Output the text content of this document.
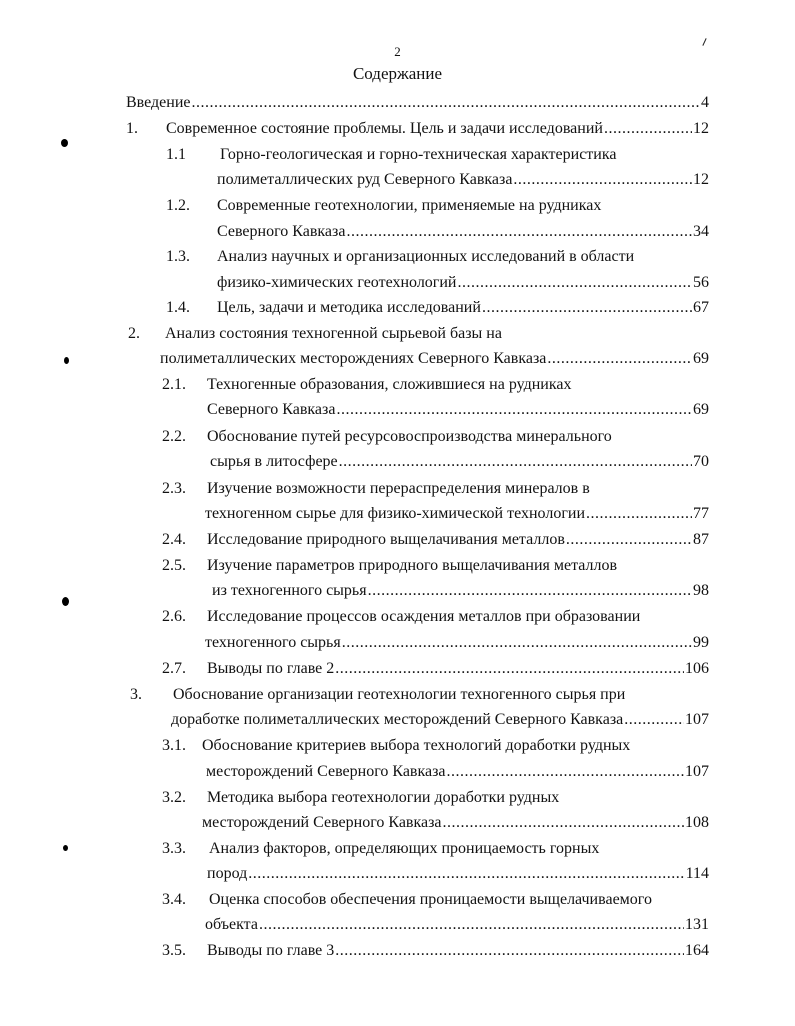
2
Содержание
Введение .....	4
1. Современное состояние проблемы. Цель и задачи исследований .....	12
1.1 Горно-геологическая и горно-техническая характеристика
полиметаллических руд Северного Кавказа .....	12
1.2. Современные геотехнологии, применяемые на рудниках
Северного Кавказа .....	34
1.3. Анализ научных и организационных исследований в области
физико-химических геотехнологий .....	56
1.4. Цель, задачи и методика исследований .....	67
2. Анализ состояния техногенной сырьевой базы на
полиметаллических месторождениях Северного Кавказа .....	69
2.1. Техногенные образования, сложившиеся на рудниках
Северного Кавказа .....	69
2.2. Обоснование путей ресурсовоспроизводства минерального
сырья в литосфере .....	70
2.3. Изучение возможности перераспределения минералов в
техногенном сырье для физико-химической технологии .....	77
2.4. Исследование природного выщелачивания металлов .....	87
2.5. Изучение параметров природного выщелачивания металлов
из техногенного сырья .....	98
2.6. Исследование процессов осаждения металлов при образовании
техногенного сырья .....	99
2.7. Выводы по главе 2 .....	106
3. Обоснование организации геотехнологии техногенного сырья при
доработке полиметаллических месторождений Северного Кавказа .....	107
3.1. Обоснование критериев выбора технологий доработки рудных
месторождений Северного Кавказа .....	107
3.2. Методика выбора геотехнологии доработки рудных
месторождений Северного Кавказа .....	108
3.3. Анализ факторов, определяющих проницаемость горных
пород .....	114
3.4. Оценка способов обеспечения проницаемости выщелачиваемого
объекта .....	131
3.5. Выводы по главе 3 .....	164
